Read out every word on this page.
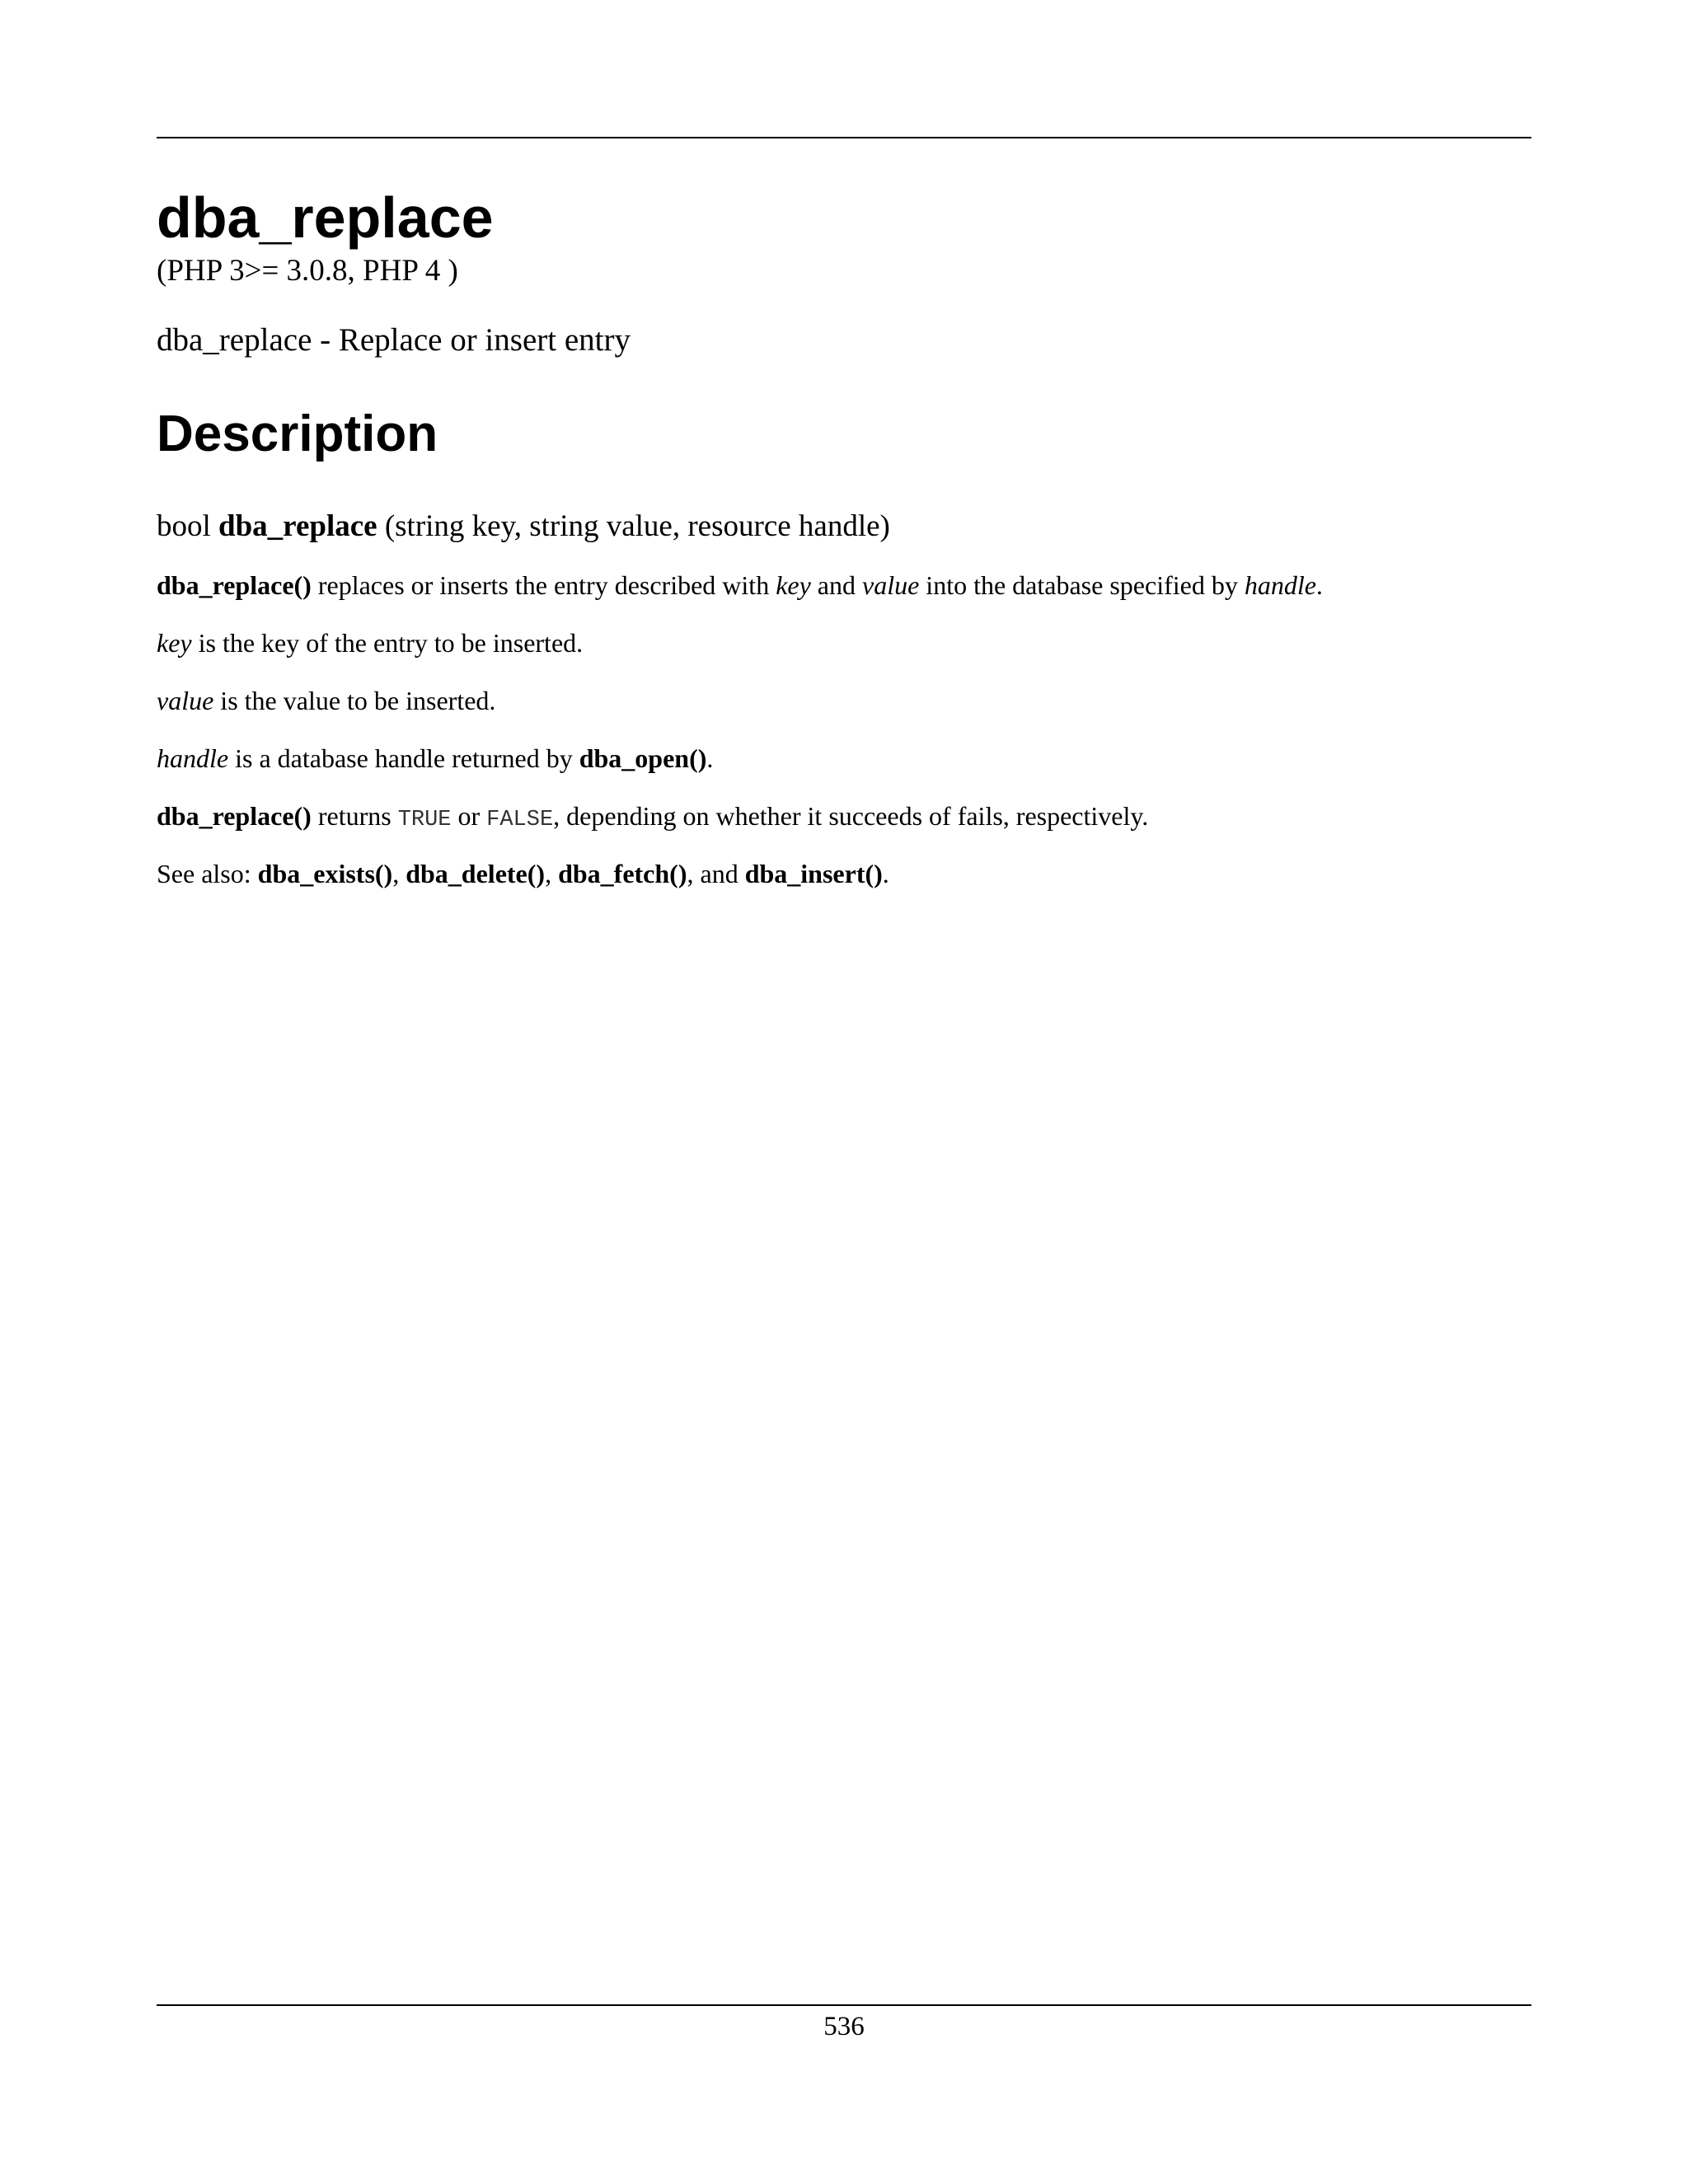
dba_replace
(PHP 3>= 3.0.8, PHP 4 )
dba_replace - Replace or insert entry
Description
bool dba_replace (string key, string value, resource handle)

dba_replace() replaces or inserts the entry described with key and value into the database specified by handle.

key is the key of the entry to be inserted.

value is the value to be inserted.

handle is a database handle returned by dba_open().

dba_replace() returns TRUE or FALSE, depending on whether it succeeds of fails, respectively.

See also: dba_exists(), dba_delete(), dba_fetch(), and dba_insert().

536
